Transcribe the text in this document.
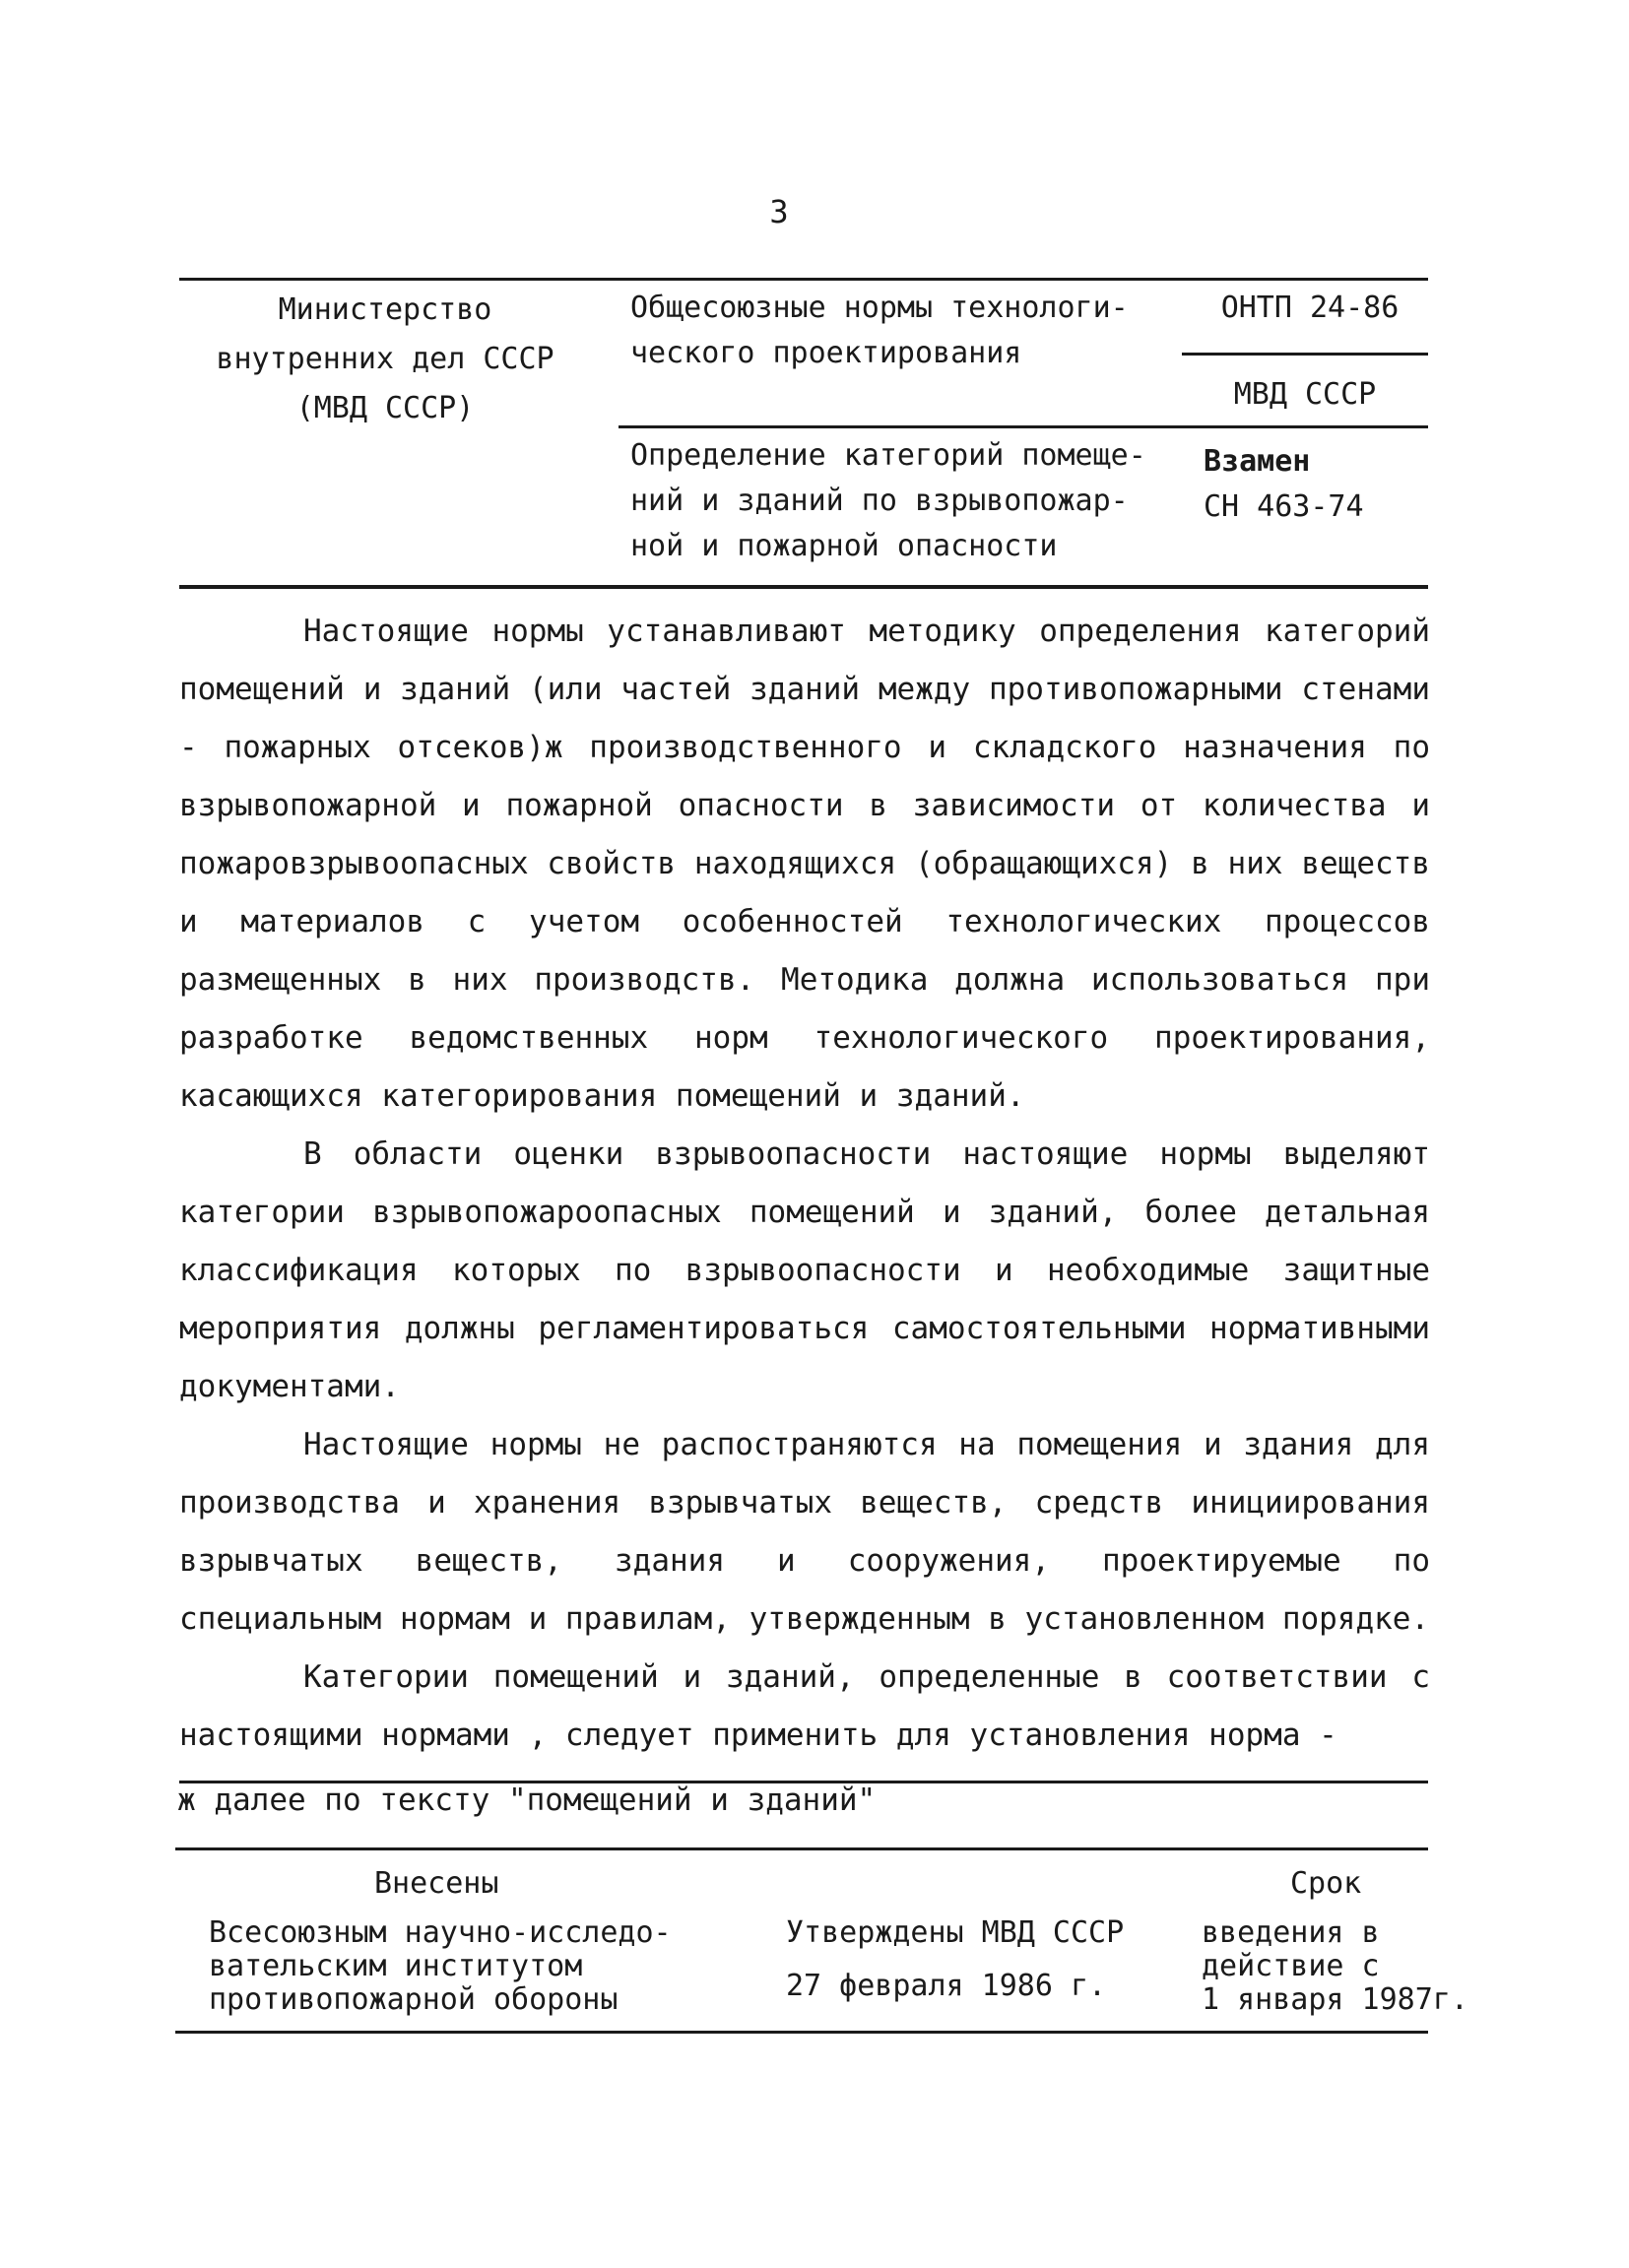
3
Министерство
внутренних дел СССР
(МВД СССР)
Общесоюзные нормы технологи-
ческого проектирования
ОНТП 24-86
МВД СССР
Определение категорий помеще-
ний и зданий по взрывопожар-
ной и пожарной опасности
Взамен
СН 463-74

Настоящие нормы устанавливают методику определения категорий помещений и зданий (или частей зданий между противопожарными стенами - пожарных отсеков)ж производственного и складского назначения по взрывопожарной и пожарной опасности в зависимости от количества и пожаровзрывоопасных свойств находящихся (обращающихся) в них веществ и материалов с учетом особенностей технологических процессов размещенных в них производств. Методика должна использоваться при разработке ведомственных норм технологического проектирования, касающихся категорирования помещений и зданий.

В области оценки взрывоопасности настоящие нормы выделяют категории взрывопожароопасных помещений и зданий, более детальная классификация которых по взрывоопасности и необходимые защитные мероприятия должны регламентироваться самостоятельными нормативными документами.

Настоящие нормы не распостраняются на помещения и здания для производства и хранения взрывчатых веществ, средств инициирования взрывчатых веществ, здания и сооружения, проектируемые по специальным нормам и правилам, утвержденным в установленном порядке.

Категории помещений и зданий, определенные в соответствии с настоящими нормами , следует применить для установления норма -

ж далее по тексту "помещений и зданий"
Внесены
Всесоюзным научно-исследо-
вательским институтом
противопожарной обороны
Утверждены МВД СССР
27 февраля 1986 г.
Срок
введения в
действие с
1 января 1987г.
